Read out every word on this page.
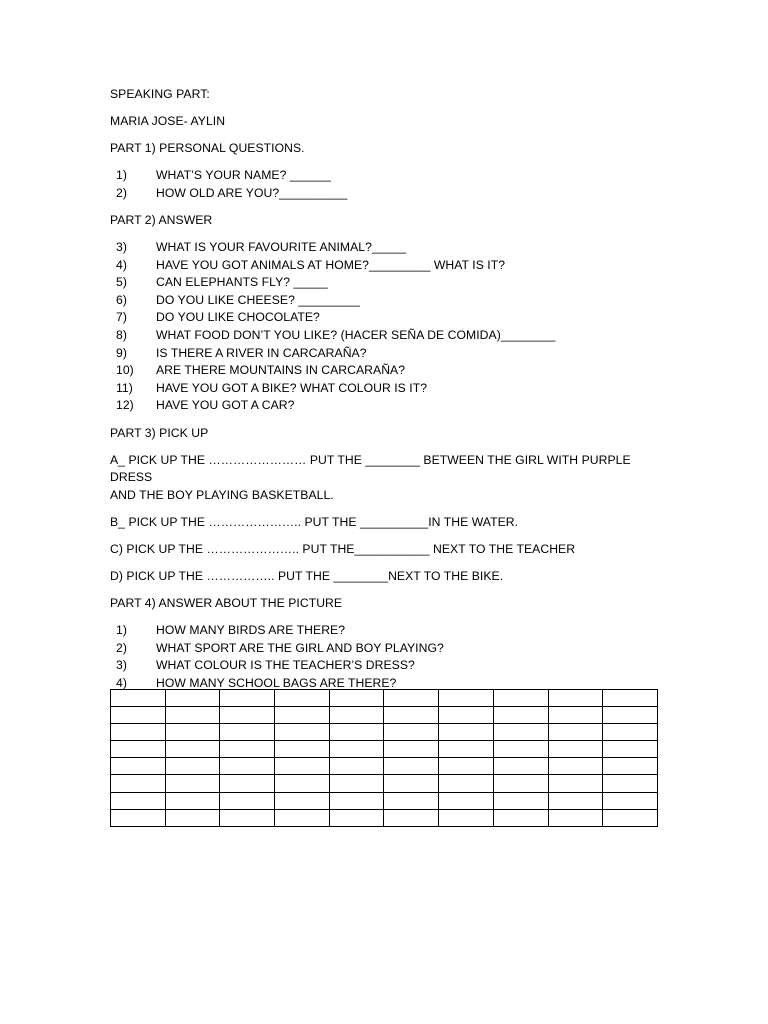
SPEAKING PART:

MARIA JOSE- AYLIN

PART 1) PERSONAL QUESTIONS.

1)	WHAT’S YOUR NAME? ______
2)	HOW OLD ARE YOU?__________

PART 2) ANSWER

3)	WHAT IS YOUR FAVOURITE ANIMAL?_____
4)	HAVE YOU GOT ANIMALS AT HOME?_________ WHAT IS IT?
5)	CAN ELEPHANTS FLY? _____
6)	DO YOU LIKE CHEESE? _________
7)	DO YOU LIKE CHOCOLATE?
8)	WHAT FOOD DON’T YOU LIKE? (HACER SEÑA DE COMIDA)________
9)	IS THERE A RIVER IN CARCARAÑA?
10)	ARE THERE MOUNTAINS IN CARCARAÑA?
11)	HAVE YOU GOT A BIKE? WHAT COLOUR IS IT?
12)	HAVE YOU GOT A CAR?

PART 3) PICK UP

A_ PICK UP THE …………………… PUT THE ________ BETWEEN THE GIRL WITH PURPLE DRESS
AND THE BOY PLAYING BASKETBALL.

B_ PICK UP THE ………………….. PUT THE __________IN THE WATER.

C) PICK UP THE ………………….. PUT THE___________ NEXT TO THE TEACHER

D) PICK UP THE …………….. PUT THE ________NEXT TO THE BIKE.

PART 4) ANSWER ABOUT THE PICTURE

1)	HOW MANY BIRDS ARE THERE?
2)	WHAT SPORT ARE THE GIRL AND BOY PLAYING?
3)	WHAT COLOUR IS THE TEACHER’S DRESS?
4)	HOW MANY SCHOOL BAGS ARE THERE?
